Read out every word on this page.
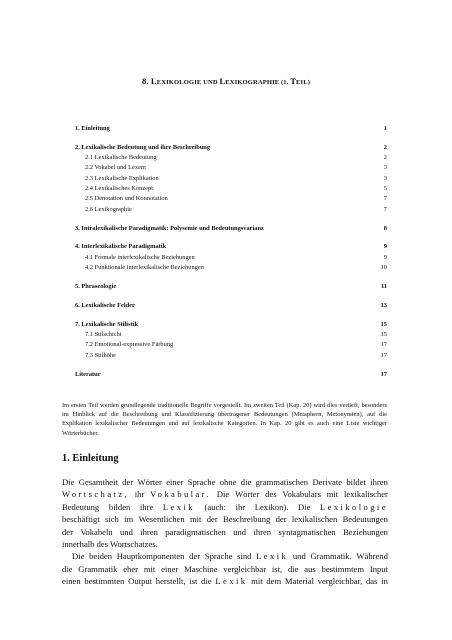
8. LEXIKOLOGIE UND LEXIKOGRAPHIE (1. TEIL)
1. Einleitung	1
2. Lexikalische Bedeutung und ihre Beschreibung	2
2.1 Lexikalische Bedeutung	2
2.2 Vokabel und Lexem	3
2.3 Lexikalische Explikation	3
2.4 Lexikalisches Konzept	5
2.5 Denotation und Konnotation	7
2.6 Lexikographie	7
3. Intralexikalische Paradigmatik: Polysemie und Bedeutungsvarianz	8
4. Interlexikalische Paradigmatik	9
4.1 Formale interlexikalische Beziehungen	9
4.2 Funktionale interlexikalische Beziehungen	10
5. Phraseologie	11
6. Lexikalische Felder	13
7. Lexikalische Stilistik	15
7.1 Stilschicht	15
7.2 Emotional-expressive Färbung	17
7.3 Stilhöhe	17
Literatur	17
Im ersten Teil werden grundlegende traditionelle Begriffe vorgestellt. Im zweiten Teil (Kap. 20) wird dies vertieft, besonders im Hinblick auf die Beschreibung und Klassifizierung übertragener Bedeutungen (Metaphern, Metonymien), auf die Explikation lexikalischer Bedeutungen und auf lexikalische Kategorien. In Kap. 20 gibt es auch eine Liste wichtiger Wörterbücher.
1. Einleitung
Die Gesamtheit der Wörter einer Sprache ohne die grammatischen Derivate bildet ihren
Wortschatz, ihr Vokabular. Die Wörter des Vokabulars mit lexikalischer
Bedeutung bilden ihre Lexik (auch: ihr Lexikon). Die Lexikologie
beschäftigt sich im Wesentlichen mit der Beschreibung der lexikalischen Bedeutungen
der Vokabeln und ihren paradigmatischen und ihren syntagmatischen Beziehungen
innerhalb des Wortschatzes.
Die beiden Hauptkomponenten der Sprache sind Lexik und Grammatik. Während
die Grammatik eher mit einer Maschine vergleichbar ist, die aus bestimmtem Input
einen bestimmten Output herstellt, ist die Lexik mit dem Material vergleichbar, das in
